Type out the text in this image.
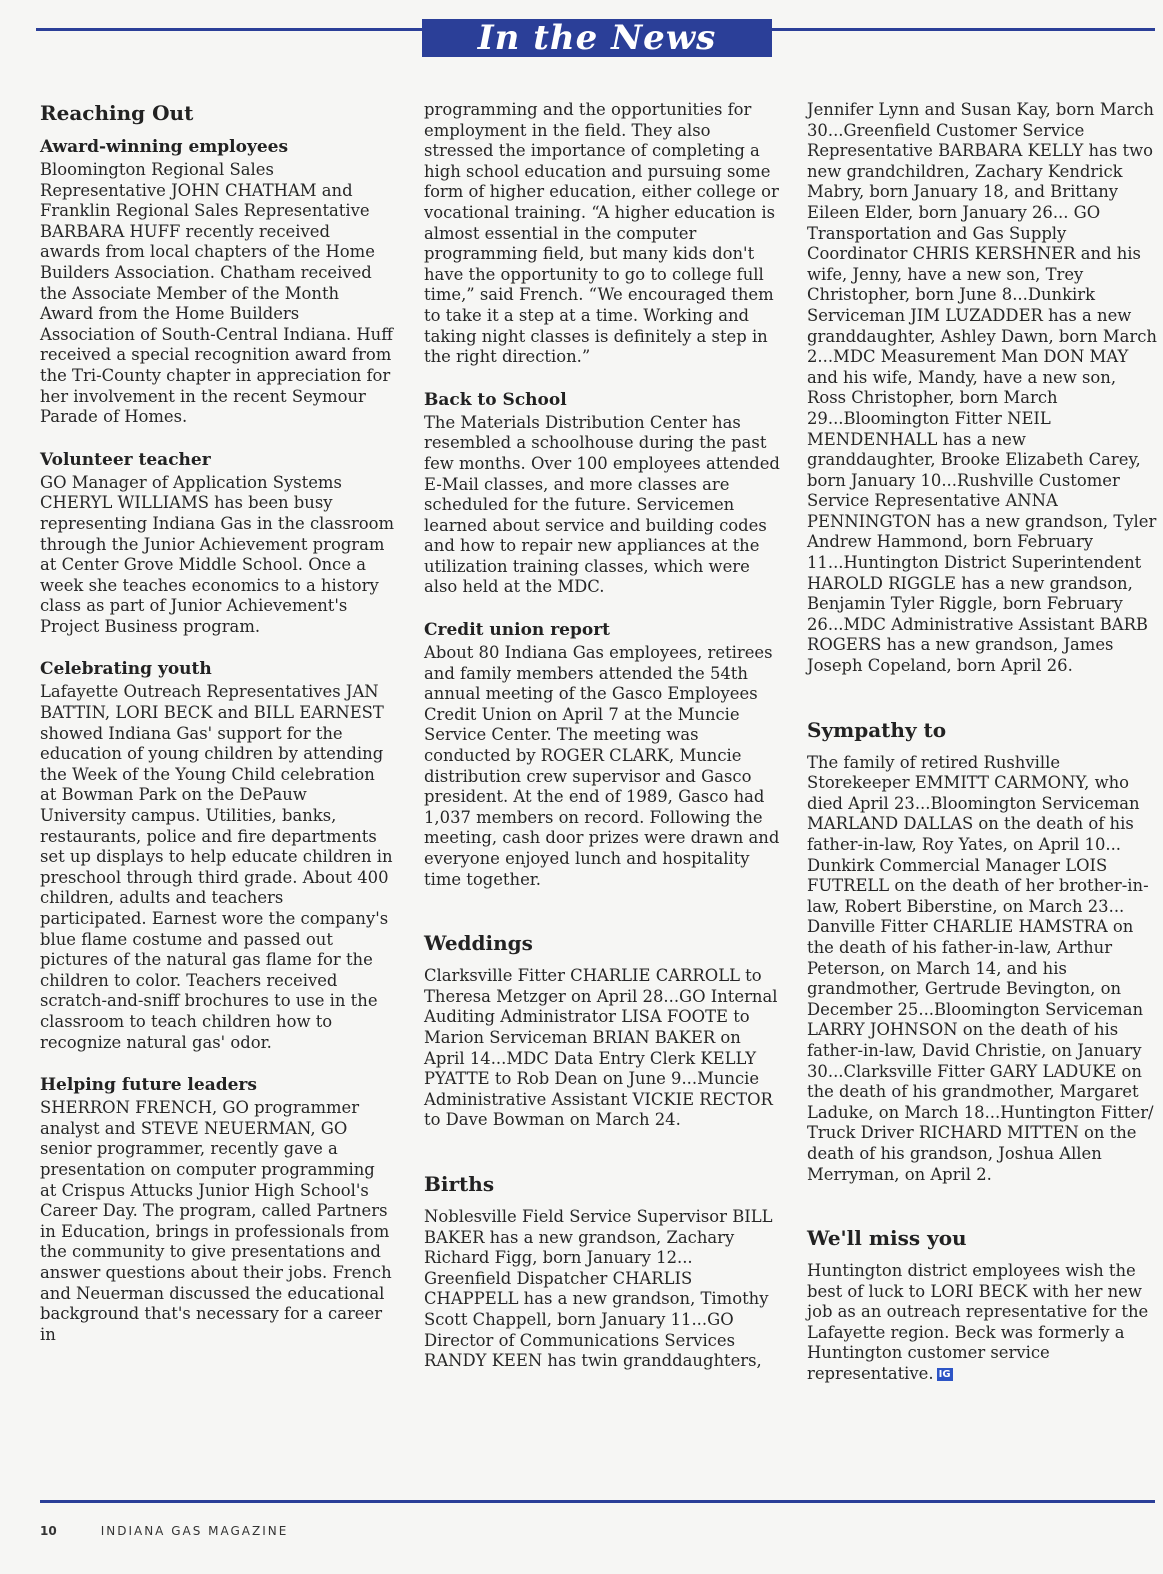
In the News
Reaching Out
Award-winning employees

Bloomington Regional Sales Representative JOHN CHATHAM and Franklin Regional Sales Representative BARBARA HUFF recently received awards from local chapters of the Home Builders Association. Chatham received the Associate Member of the Month Award from the Home Builders Association of South-Central Indiana. Huff received a special recognition award from the Tri-County chapter in appreciation for her involvement in the recent Seymour Parade of Homes.

Volunteer teacher

GO Manager of Application Systems CHERYL WILLIAMS has been busy representing Indiana Gas in the classroom through the Junior Achievement program at Center Grove Middle School. Once a week she teaches economics to a history class as part of Junior Achievement's Project Business program.

Celebrating youth

Lafayette Outreach Representatives JAN BATTIN, LORI BECK and BILL EARNEST showed Indiana Gas' support for the education of young children by attending the Week of the Young Child celebration at Bowman Park on the DePauw University campus. Utilities, banks, restaurants, police and fire departments set up displays to help educate children in preschool through third grade. About 400 children, adults and teachers participated. Earnest wore the company's blue flame costume and passed out pictures of the natural gas flame for the children to color. Teachers received scratch-and-sniff brochures to use in the classroom to teach children how to recognize natural gas' odor.

Helping future leaders

SHERRON FRENCH, GO programmer analyst and STEVE NEUERMAN, GO senior programmer, recently gave a presentation on computer programming at Crispus Attucks Junior High School's Career Day. The program, called Partners in Education, brings in professionals from the community to give presentations and answer questions about their jobs. French and Neuerman discussed the educational background that's necessary for a career in

programming and the opportunities for employment in the field. They also stressed the importance of completing a high school education and pursuing some form of higher education, either college or vocational training. “A higher education is almost essential in the computer programming field, but many kids don't have the opportunity to go to college full time,” said French. “We encouraged them to take it a step at a time. Working and taking night classes is definitely a step in the right direction.”

Back to School

The Materials Distribution Center has resembled a schoolhouse during the past few months. Over 100 employees attended E-Mail classes, and more classes are scheduled for the future. Servicemen learned about service and building codes and how to repair new appliances at the utilization training classes, which were also held at the MDC.

Credit union report

About 80 Indiana Gas employees, retirees and family members attended the 54th annual meeting of the Gasco Employees Credit Union on April 7 at the Muncie Service Center. The meeting was conducted by ROGER CLARK, Muncie distribution crew supervisor and Gasco president. At the end of 1989, Gasco had 1,037 members on record. Following the meeting, cash door prizes were drawn and everyone enjoyed lunch and hospitality time together.

Weddings

Clarksville Fitter CHARLIE CARROLL to Theresa Metzger on April 28...GO Internal Auditing Administrator LISA FOOTE to Marion Serviceman BRIAN BAKER on April 14...MDC Data Entry Clerk KELLY PYATTE to Rob Dean on June 9...Muncie Administrative Assistant VICKIE RECTOR to Dave Bowman on March 24.

Births

Noblesville Field Service Supervisor BILL BAKER has a new grandson, Zachary Richard Figg, born January 12... Greenfield Dispatcher CHARLIS CHAPPELL has a new grandson, Timothy Scott Chappell, born January 11...GO Director of Communications Services RANDY KEEN has twin granddaughters,

Jennifer Lynn and Susan Kay, born March 30...Greenfield Customer Service Representative BARBARA KELLY has two new grandchildren, Zachary Kendrick Mabry, born January 18, and Brittany Eileen Elder, born January 26... GO Transportation and Gas Supply Coordinator CHRIS KERSHNER and his wife, Jenny, have a new son, Trey Christopher, born June 8...Dunkirk Serviceman JIM LUZADDER has a new granddaughter, Ashley Dawn, born March 2...MDC Measurement Man DON MAY and his wife, Mandy, have a new son, Ross Christopher, born March 29...Bloomington Fitter NEIL MENDENHALL has a new granddaughter, Brooke Elizabeth Carey, born January 10...Rushville Customer Service Representative ANNA PENNINGTON has a new grandson, Tyler Andrew Hammond, born February 11...Huntington District Superintendent HAROLD RIGGLE has a new grandson, Benjamin Tyler Riggle, born February 26...MDC Administrative Assistant BARB ROGERS has a new grandson, James Joseph Copeland, born April 26.

Sympathy to

The family of retired Rushville Storekeeper EMMITT CARMONY, who died April 23...Bloomington Serviceman MARLAND DALLAS on the death of his father-in-law, Roy Yates, on April 10... Dunkirk Commercial Manager LOIS FUTRELL on the death of her brother-in-law, Robert Biberstine, on March 23... Danville Fitter CHARLIE HAMSTRA on the death of his father-in-law, Arthur Peterson, on March 14, and his grandmother, Gertrude Bevington, on December 25...Bloomington Serviceman LARRY JOHNSON on the death of his father-in-law, David Christie, on January 30...Clarksville Fitter GARY LADUKE on the death of his grandmother, Margaret Laduke, on March 18...Huntington Fitter/ Truck Driver RICHARD MITTEN on the death of his grandson, Joshua Allen Merryman, on April 2.

We'll miss you

Huntington district employees wish the best of luck to LORI BECK with her new job as an outreach representative for the Lafayette region. Beck was formerly a Huntington customer service representative. IG

10	INDIANA GAS MAGAZINE
